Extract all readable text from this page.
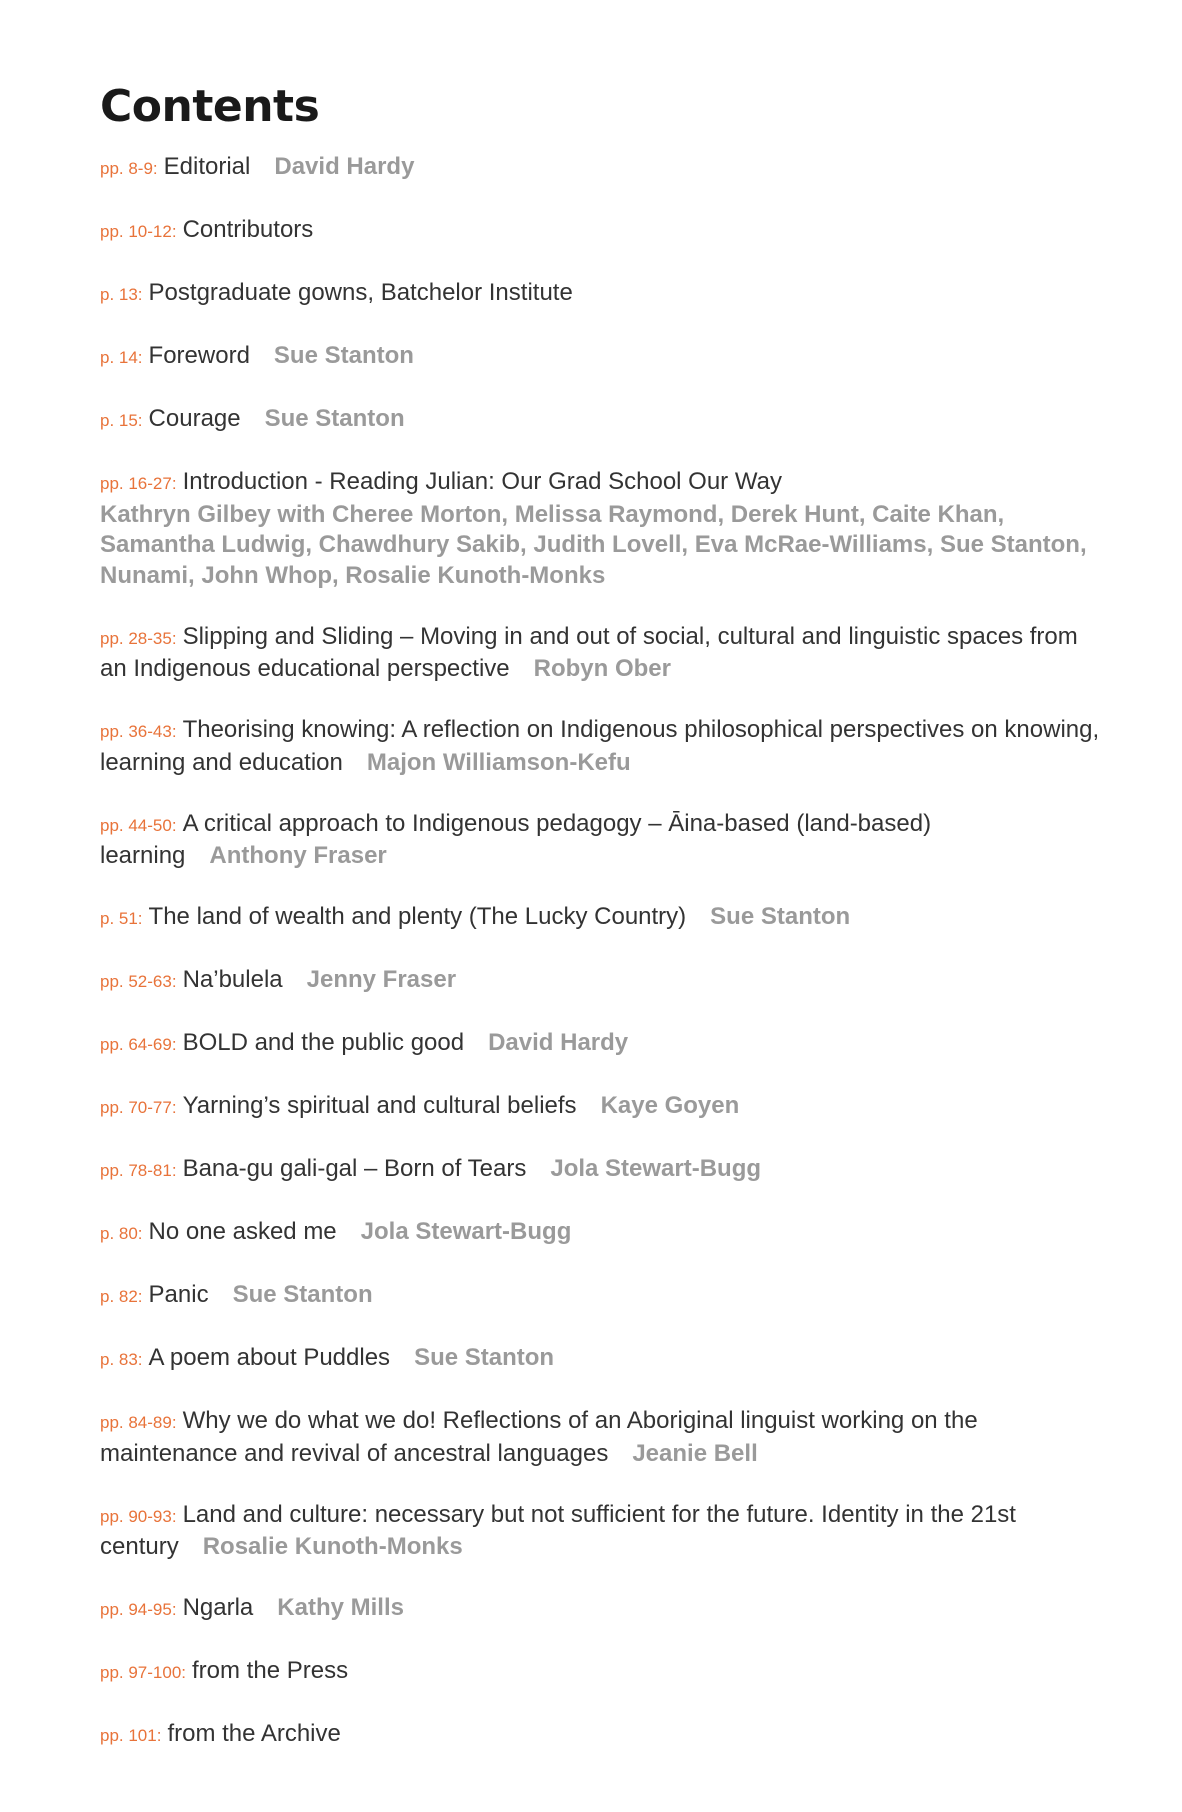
Contents
pp. 8-9: Editorial David Hardy
pp. 10-12: Contributors
p. 13: Postgraduate gowns, Batchelor Institute
p. 14: Foreword Sue Stanton
p. 15: Courage Sue Stanton
pp. 16-27: Introduction - Reading Julian: Our Grad School Our Way
Kathryn Gilbey with Cheree Morton, Melissa Raymond, Derek Hunt, Caite Khan, Samantha Ludwig, Chawdhury Sakib, Judith Lovell, Eva McRae-Williams, Sue Stanton, Nunami, John Whop, Rosalie Kunoth-Monks
pp. 28-35: Slipping and Sliding – Moving in and out of social, cultural and linguistic spaces from an Indigenous educational perspective Robyn Ober
pp. 36-43: Theorising knowing: A reflection on Indigenous philosophical perspectives on knowing, learning and education Majon Williamson-Kefu
pp. 44-50: A critical approach to Indigenous pedagogy – Āina-based (land-based) learning Anthony Fraser
p. 51: The land of wealth and plenty (The Lucky Country) Sue Stanton
pp. 52-63: Na’bulela Jenny Fraser
pp. 64-69: BOLD and the public good David Hardy
pp. 70-77: Yarning’s spiritual and cultural beliefs Kaye Goyen
pp. 78-81: Bana-gu gali-gal – Born of Tears Jola Stewart-Bugg
p. 80: No one asked me Jola Stewart-Bugg
p. 82: Panic Sue Stanton
p. 83: A poem about Puddles Sue Stanton
pp. 84-89: Why we do what we do! Reflections of an Aboriginal linguist working on the maintenance and revival of ancestral languages Jeanie Bell
pp. 90-93: Land and culture: necessary but not sufficient for the future. Identity in the 21st century Rosalie Kunoth-Monks
pp. 94-95: Ngarla Kathy Mills
pp. 97-100: from the Press
pp. 101: from the Archive
